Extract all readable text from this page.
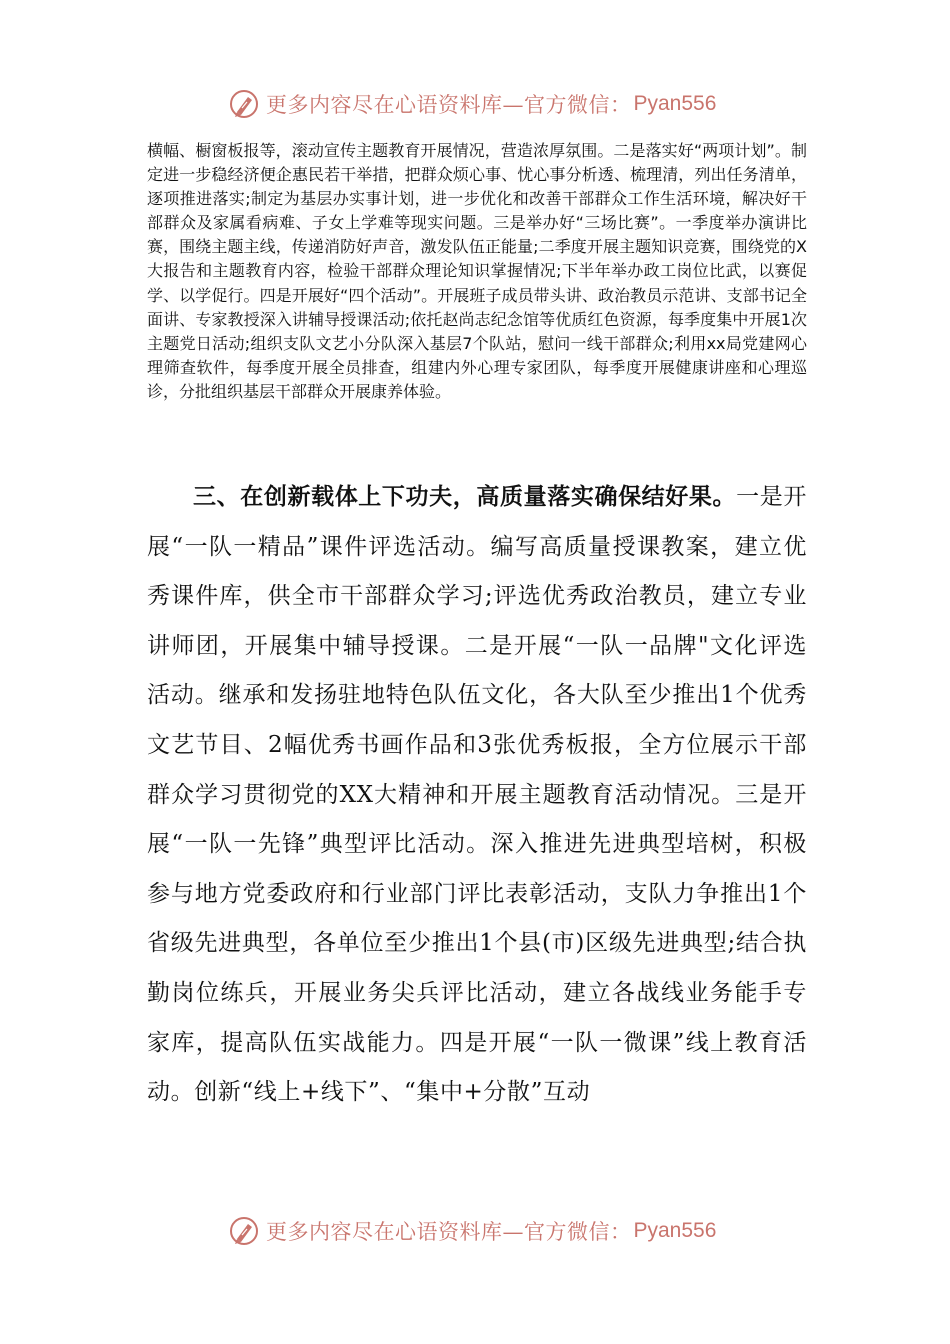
更多内容尽在心语资料库—官方微信： Pyan556

横幅、橱窗板报等，滚动宣传主题教育开展情况，营造浓厚氛围。二是落实好“两项计划”。制定进一步稳经济便企惠民若干举措，把群众烦心事、忧心事分析透、梳理清，列出任务清单，逐项推进落实;制定为基层办实事计划，进一步优化和改善干部群众工作生活环境，解决好干部群众及家属看病难、子女上学难等现实问题。三是举办好“三场比赛”。一季度举办演讲比赛，围绕主题主线，传递消防好声音，激发队伍正能量;二季度开展主题知识竞赛，围绕党的X大报告和主题教育内容，检验干部群众理论知识掌握情况;下半年举办政工岗位比武，以赛促学、以学促行。四是开展好“四个活动”。开展班子成员带头讲、政治教员示范讲、支部书记全面讲、专家教授深入讲辅导授课活动;依托赵尚志纪念馆等优质红色资源，每季度集中开展1次主题党日活动;组织支队文艺小分队深入基层7个队站，慰问一线干部群众;利用xx局党建网心理筛查软件，每季度开展全员排查，组建内外心理专家团队，每季度开展健康讲座和心理巡诊，分批组织基层干部群众开展康养体验。

三、在创新载体上下功夫，高质量落实确保结好果。一是开展“一队一精品”课件评选活动。编写高质量授课教案，建立优秀课件库，供全市干部群众学习;评选优秀政治教员，建立专业讲师团，开展集中辅导授课。二是开展“一队一品牌"文化评选活动。继承和发扬驻地特色队伍文化，各大队至少推出1个优秀文艺节目、2幅优秀书画作品和3张优秀板报，全方位展示干部群众学习贯彻党的XX大精神和开展主题教育活动情况。三是开展“一队一先锋”典型评比活动。深入推进先进典型培树，积极参与地方党委政府和行业部门评比表彰活动，支队力争推出1个省级先进典型，各单位至少推出1个县(市)区级先进典型;结合执勤岗位练兵，开展业务尖兵评比活动，建立各战线业务能手专家库，提高队伍实战能力。四是开展“一队一微课”线上教育活动。创新“线上+线下”、“集中+分散”互动

更多内容尽在心语资料库—官方微信： Pyan556
